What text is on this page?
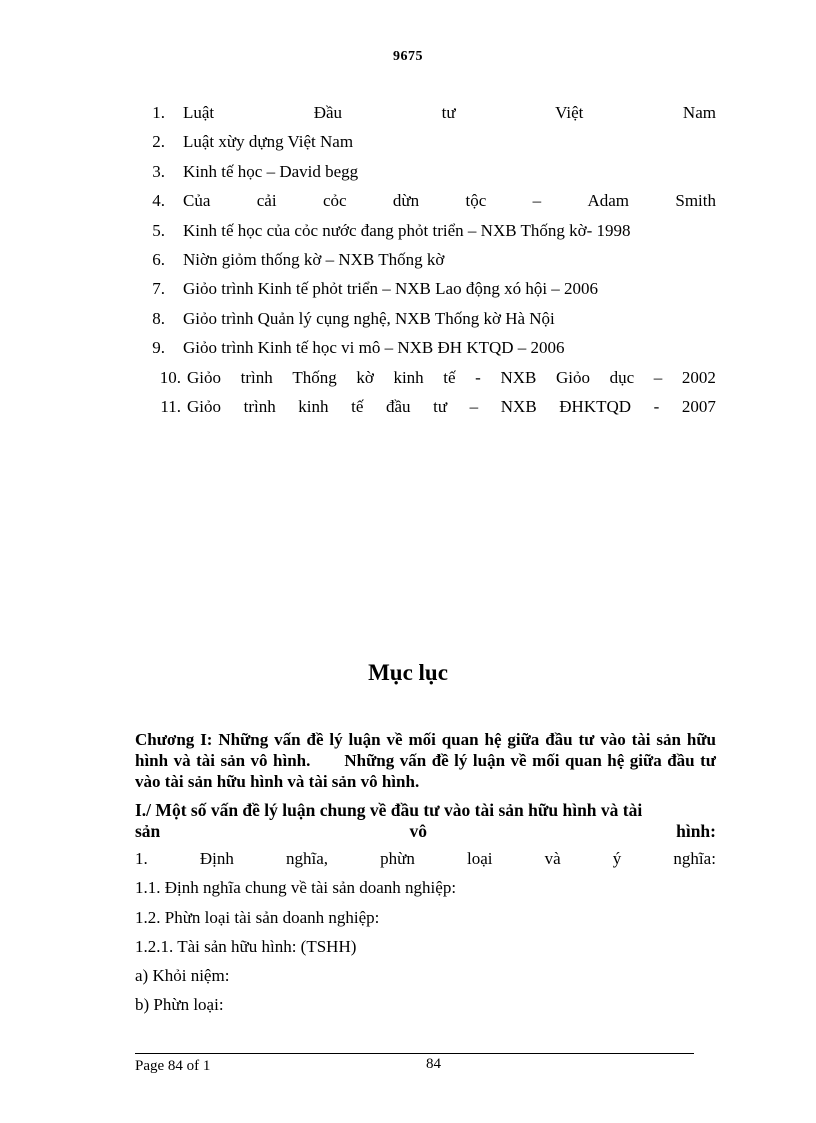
9675
1. Luật	Đầu	tư	Việt	Nam
2. Luật xừy dựng Việt Nam
3. Kinh tế học – David begg
4. Của	cải	cỏc	dừn	tộc	–	Adam	Smith
5. Kinh tế học của cỏc nước đang phỏt triển – NXB Thống kờ- 1998
6. Niờn giỏm thống kờ – NXB Thống kờ
7. Giỏo trình Kinh tế phỏt triển – NXB Lao động xó hội – 2006
8. Giỏo trình Quản lý cụng nghệ, NXB Thống kờ Hà Nội
9. Giỏo trình Kinh tế học vi mô – NXB ĐH KTQD – 2006
10. Giỏo trình Thống kờ kinh tế - NXB Giỏo dục – 2002
11. Giỏo trình kinh tế đầu tư – NXB ĐHKTQD - 2007
Mục lục
Chương I: Những vấn đề lý luận về mối quan hệ giữa đầu tư vào tài sản hữu hình và tài sản vô hình. Những vấn đề lý luận về mối quan hệ giữa đầu tư vào tài sản hữu hình và tài sản vô hình.
I./ Một số vấn đề lý luận chung về đầu tư vào tài sản hữu hình và tài
sản	vô	hình:
1.	Định	nghĩa,	phừn	loại	và	ý	nghĩa:
1.1. Định nghĩa chung về tài sản doanh nghiệp:
1.2. Phừn loại tài sản doanh nghiệp:
1.2.1. Tài sản hữu hình: (TSHH)
a) Khỏi niệm:
b) Phừn loại:
Page 84 of 1	84
